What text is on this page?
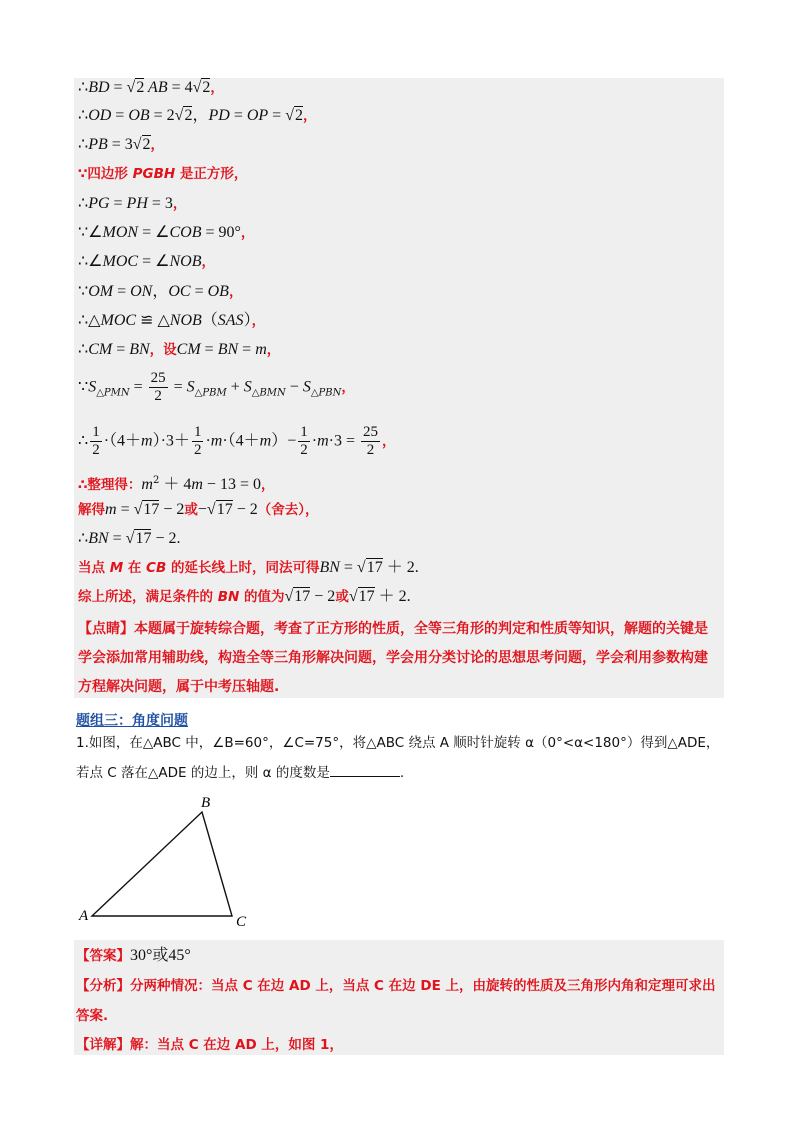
∴BD = √2 AB = 4√2，
∴OD = OB = 2√2，PD = OP = √2，
∴PB = 3√2，
∵四边形 PGBH 是正方形，
∴PG = PH = 3，
∵∠MON = ∠COB = 90°，
∴∠MOC = ∠NOB，
∵OM = ON，OC = OB，
∴△MOC ≌ △NOB（SAS），
∴CM = BN，设CM = BN = m，
$\because S_{\triangle PMN} = \frac{25}{2} = S_{\triangle PBM} + S_{\triangle BMN} - S_{\triangle PBN}$，
∴ $\frac{1}{2} \cdot(4+m)\cdot 3+ \frac{1}{2} \cdot m\cdot(4+m)- \frac{1}{2} \cdot m\cdot 3 = \frac{25}{2}$ ，
∴整理得：$m^2 + 4m - 13 = 0$，
解得m = √17 − 2或−√17 − 2（舍去），
∴BN = √17 − 2.
当点 M 在 CB 的延长线上时，同法可得BN = √17 ＋ 2.
综上所述，满足条件的 BN 的值为√17 − 2或√17 ＋ 2.
【点睛】本题属于旋转综合题，考查了正方形的性质，全等三角形的判定和性质等知识，解题的关键是学会添加常用辅助线，构造全等三角形解决问题，学会用分类讨论的思想思考问题，学会利用参数构建方程解决问题，属于中考压轴题.
题组三：角度问题
1.如图，在△ABC 中，∠B=60°，∠C=75°，将△ABC 绕点 A 顺时针旋转 α（0°<α<180°）得到△ADE，若点 C 落在△ADE 的边上，则 α 的度数是	.
B
A	C
【答案】30°或45°
【分析】分两种情况：当点 C 在边 AD 上，当点 C 在边 DE 上，由旋转的性质及三角形内角和定理可求出答案.
【详解】解：当点 C 在边 AD 上，如图 1，
